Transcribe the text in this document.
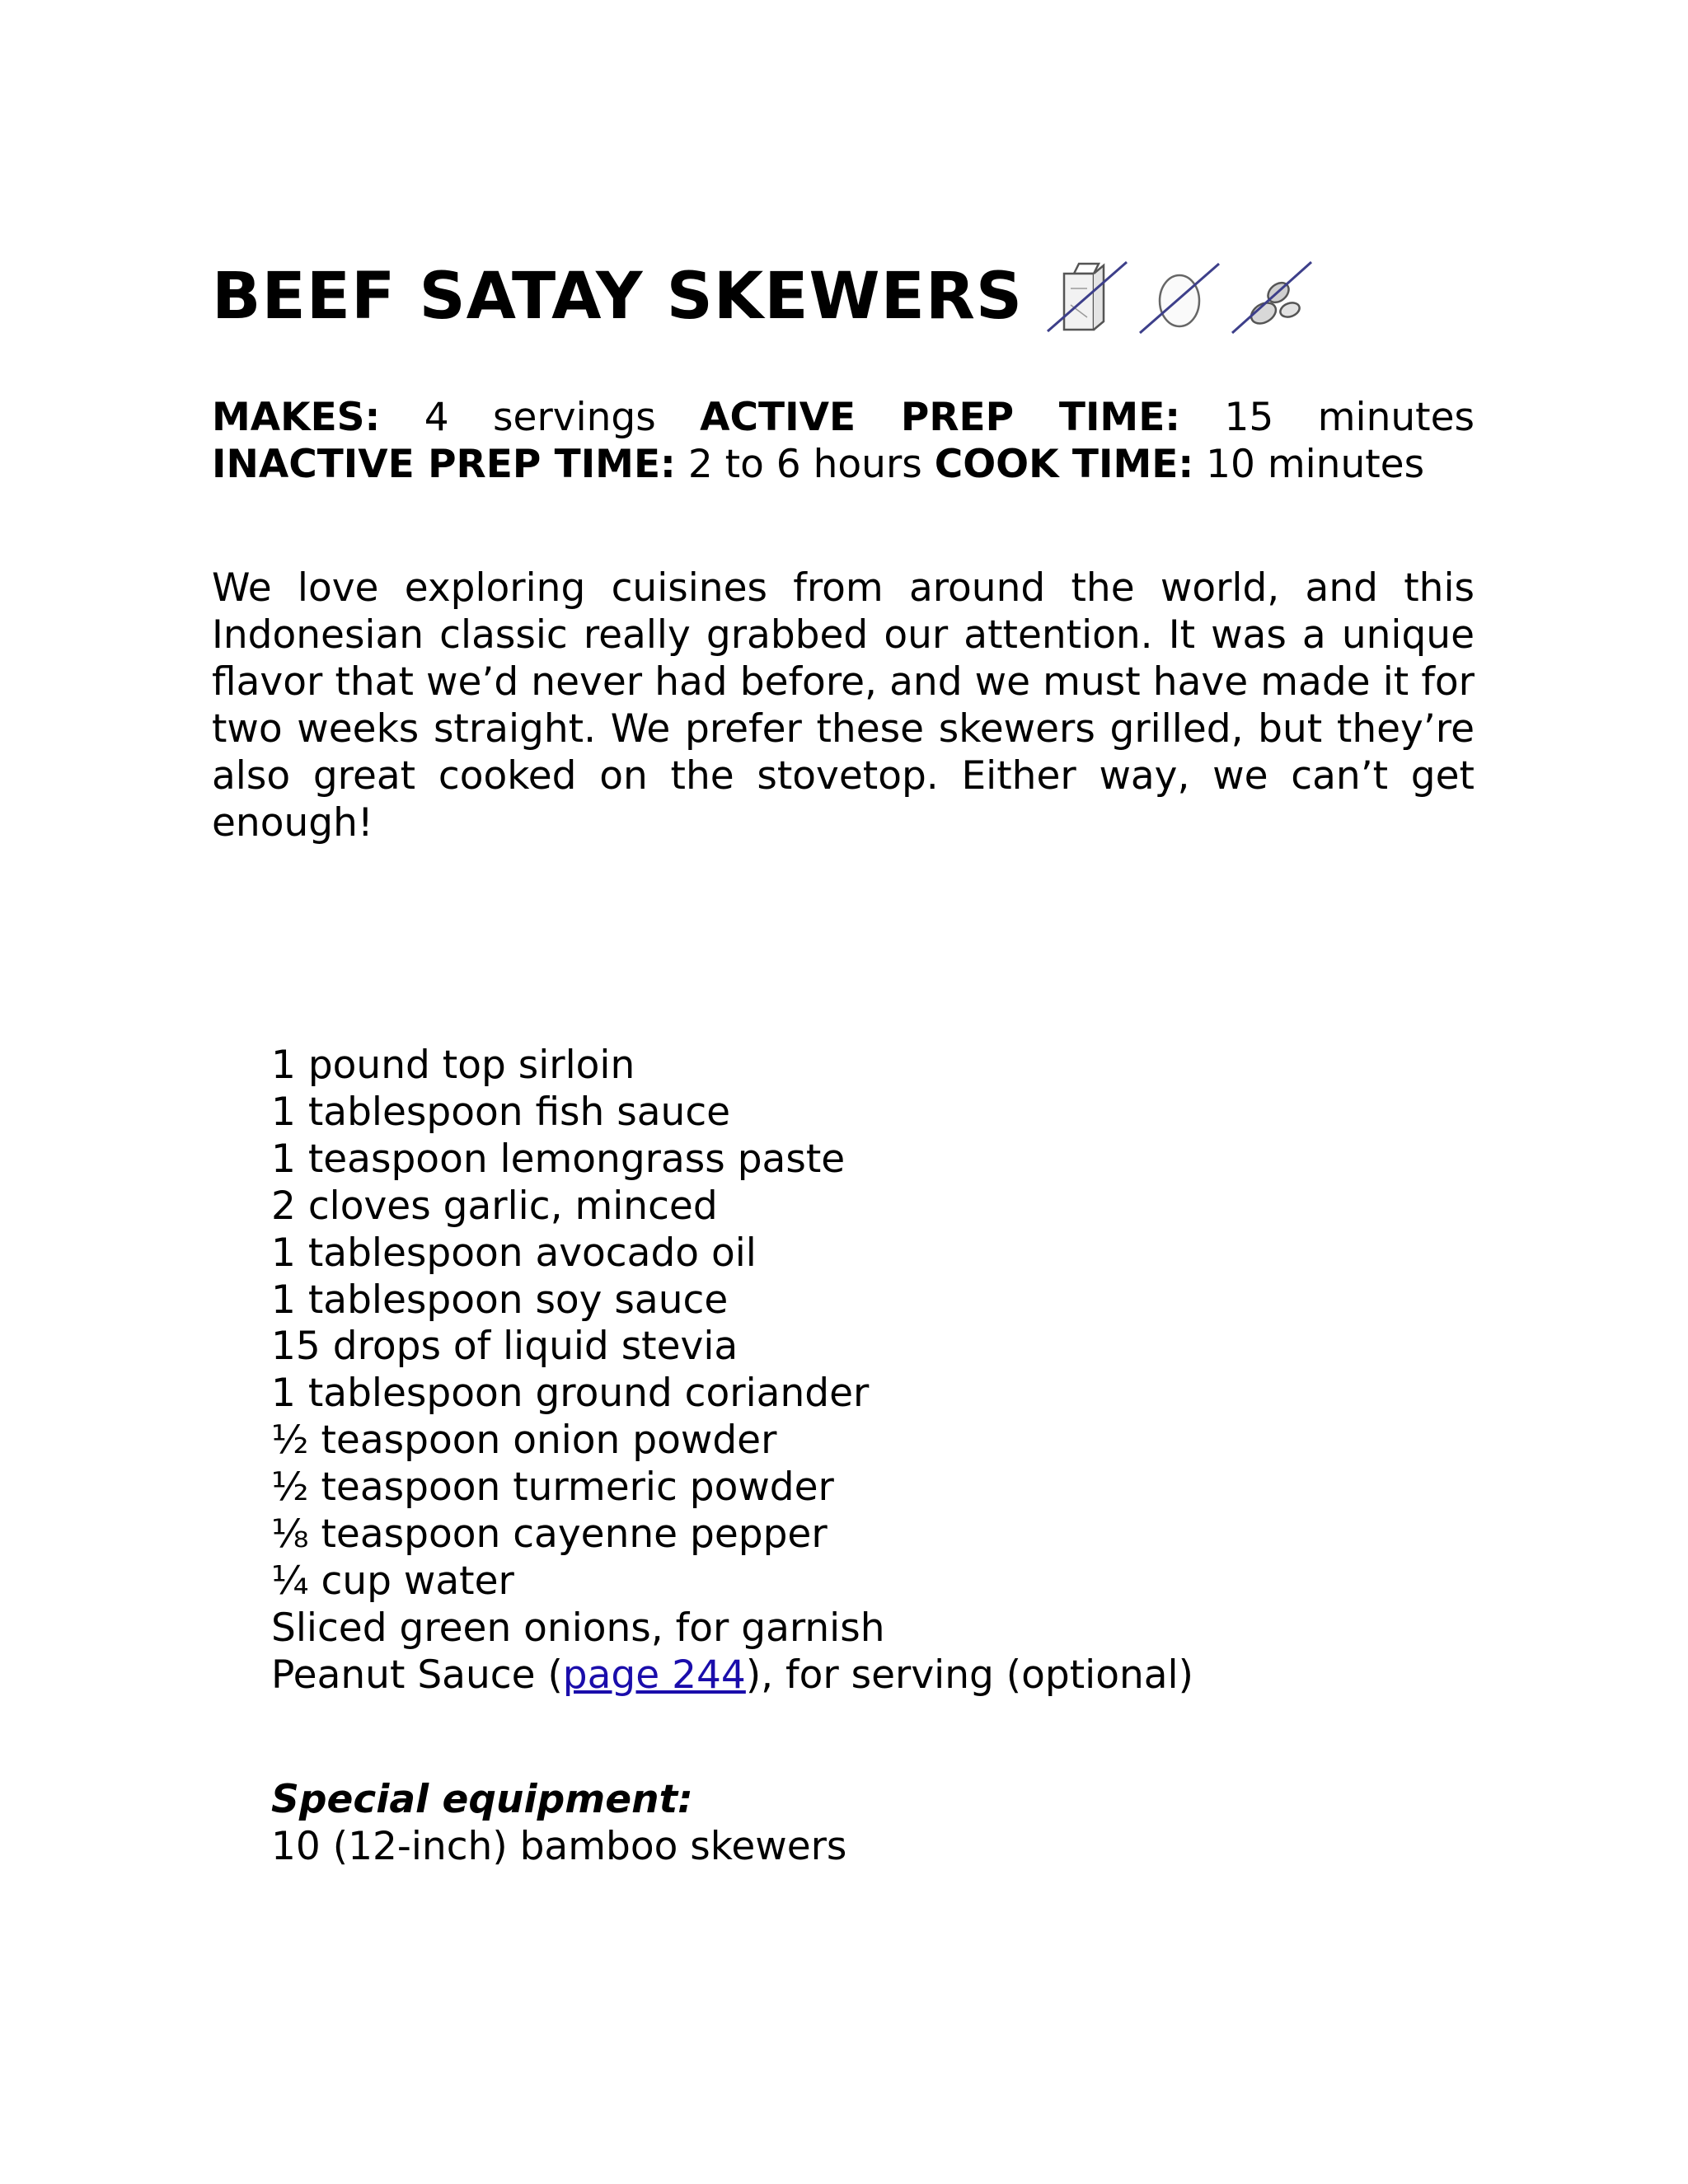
BEEF SATAY SKEWERS
MAKES: 4 servings ACTIVE PREP TIME: 15 minutes
INACTIVE PREP TIME: 2 to 6 hours COOK TIME: 10 minutes

We love exploring cuisines from around the world, and this Indonesian classic really grabbed our attention. It was a unique flavor that we’d never had before, and we must have made it for two weeks straight. We prefer these skewers grilled, but they’re also great cooked on the stovetop. Either way, we can’t get enough!

1 pound top sirloin
1 tablespoon fish sauce
1 teaspoon lemongrass paste
2 cloves garlic, minced
1 tablespoon avocado oil
1 tablespoon soy sauce
15 drops of liquid stevia
1 tablespoon ground coriander
½ teaspoon onion powder
½ teaspoon turmeric powder
⅛ teaspoon cayenne pepper
¼ cup water
Sliced green onions, for garnish
Peanut Sauce (page 244), for serving (optional)
Special equipment:
10 (12-inch) bamboo skewers
